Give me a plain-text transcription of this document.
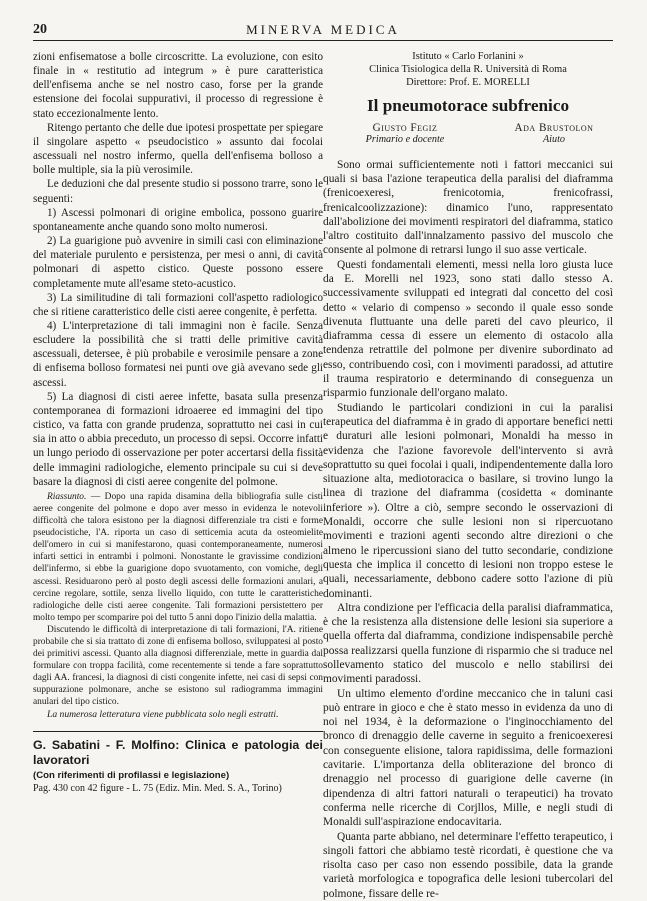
MINERVA MEDICA
20

zioni enfisematose a bolle circoscritte. La evoluzione, con esito finale in « restitutio ad integrum » è pure caratteristica dell'enfisema anche se nel nostro caso, forse per la grande estensione dei focolai suppurativi, il processo di regressione è stato eccezionalmente lento.

Ritengo pertanto che delle due ipotesi prospettate per spiegare il singolare aspetto « pseudocistico » assunto dai focolai ascessuali nel nostro infermo, quella dell'enfisema bolloso a bolle multiple, sia la più verosimile.

Le deduzioni che dal presente studio si possono trarre, sono le seguenti:

1) Ascessi polmonari di origine embolica, possono guarire spontaneamente anche quando sono molto numerosi.

2) La guarigione può avvenire in simili casi con eliminazione del materiale purulento e persistenza, per mesi o anni, di cavità polmonari di aspetto cistico. Queste possono essere completamente mute all'esame steto-acustico.

3) La similitudine di tali formazioni coll'aspetto radiologico che si ritiene caratteristico delle cisti aeree congenite, è perfetta.

4) L'interpretazione di tali immagini non è facile. Senza escludere la possibilità che si tratti delle primitive cavità ascessuali, detersee, è più probabile e verosimile pensare a zone di enfisema bolloso formatesi nei punti ove già avevano sede gli ascessi.

5) La diagnosi di cisti aeree infette, basata sulla presenza contemporanea di formazioni idroaeree ed immagini del tipo cistico, va fatta con grande prudenza, soprattutto nei casi in cui sia in atto o abbia preceduto, un processo di sepsi. Occorre infatti un lungo periodo di osservazione per poter accertarsi della fissità delle immagini radiologiche, elemento principale su cui si deve basare la diagnosi di cisti aeree congenite del polmone.

Riassunto. — Dopo una rapida disamina della bibliografia sulle cisti aeree congenite del polmone e dopo aver messo in evidenza le notevoli difficoltà che talora esistono per la diagnosi differenziale tra cisti e forme pseudocistiche, l'A. riporta un caso di setticemia acuta da osteomielite dell'omero in cui si manifestarono, quasi contemporaneamente, numerosi infarti settici in entrambi i polmoni. Nonostante le gravissime condizioni dell'infermo, si ebbe la guarigione dopo svuotamento, con vomiche, degli ascessi. Residuarono però al posto degli ascessi delle formazioni anulari, a cercine regolare, sottile, senza livello liquido, con tutte le caratteristiche radiologiche delle cisti aeree congenite. Tali formazioni persistettero per molto tempo per scomparire poi del tutto 5 anni dopo l'inizio della malattia.

Discutendo le difficoltà di interpretazione di tali formazioni, l'A. ritiene probabile che si sia trattato di zone di enfisema bolloso, sviluppatesi al posto dei primitivi ascessi. Quanto alla diagnosi differenziale, mette in guardia dal formulare con troppa facilità, come recentemente si tende a fare soprattutto dagli AA. francesi, la diagnosi di cisti congenite infette, nei casi di sepsi con suppurazione polmonare, anche se esistono sul radiogramma immagini anulari del tipo cistico.

La numerosa letteratura viene pubblicata solo negli estratti.

G. Sabatini - F. Molfino: Clinica e patologia dei lavoratori
(Con riferimenti di profilassi e legislazione)
Pag. 430 con 42 figure - L. 75 (Ediz. Min. Med. S. A., Torino)
Istituto « Carlo Forlanini »
Clinica Tisiologica della R. Università di Roma
Direttore: Prof. E. MORELLI
Il pneumotorace subfrenico
Giusto Fegiz
Primario e docente
Ada Brustolon
Aiuto

Sono ormai sufficientemente noti i fattori meccanici sui quali si basa l'azione terapeutica della paralisi del diaframma (frenicoexeresi, frenicotomia, frenicofrassi, frenicalcoolizzazione): dinamico l'uno, rappresentato dall'abolizione dei movimenti respiratori del diaframma, statico l'altro costituito dall'innalzamento passivo del muscolo che consente al polmone di retrarsi lungo il suo asse verticale.

Questi fondamentali elementi, messi nella loro giusta luce da E. Morelli nel 1923, sono stati dallo stesso A. successivamente sviluppati ed integrati dal concetto del così detto « velario di compenso » secondo il quale esso sonde divenuta fluttuante una delle pareti del cavo pleurico, il diaframma cessa di essere un elemento di ostacolo alla tendenza retrattile del polmone per divenire subordinato ad esso, contribuendo così, con i movimenti paradossi, ad attutire il trauma respiratorio e determinando di conseguenza un risparmio funzionale dell'organo malato.

Studiando le particolari condizioni in cui la paralisi terapeutica del diaframma è in grado di apportare benefici netti e duraturi alle lesioni polmonari, Monaldi ha messo in evidenza che l'azione favorevole dell'intervento si avrà soprattutto su quei focolai i quali, indipendentemente dalla loro situazione alta, mediotoracica o basilare, si trovino lungo la linea di trazione del diaframma (cosidetta « dominante inferiore »). Oltre a ciò, sempre secondo le osservazioni di Monaldi, occorre che sulle lesioni non si ripercuotano movimenti e trazioni agenti secondo altre direzioni o che almeno le ripercussioni siano del tutto secondarie, condizione questa che implica il concetto di lesioni non troppo estese le quali, necessariamente, debbono cadere sotto l'azione di più dominanti.

Altra condizione per l'efficacia della paralisi diaframmatica, è che la resistenza alla distensione delle lesioni sia superiore a quella offerta dal diaframma, condizione indispensabile perchè possa realizzarsi quella funzione di risparmio che si traduce nel sollevamento statico del muscolo e nello stabilirsi dei movimenti paradossi.

Un ultimo elemento d'ordine meccanico che in taluni casi può entrare in gioco e che è stato messo in evidenza da uno di noi nel 1934, è la deformazione o l'inginocchiamento del bronco di drenaggio delle caverne in seguito a frenicoexeresi con conseguente elisione, talora rapidissima, delle formazioni cavitarie. L'importanza della obliterazione del bronco di drenaggio nel processo di guarigione delle caverne (in dipendenza di altri fattori naturali o terapeutici) ha trovato conferma nelle ricerche di Corjllos, Mille, e negli studi di Monaldi sull'aspirazione endocavitaria.

Quanta parte abbiano, nel determinare l'effetto terapeutico, i singoli fattori che abbiamo testè ricordati, è questione che va risolta caso per caso non essendo possibile, data la grande varietà morfologica e topografica delle lesioni tubercolari del polmone, fissare delle re-
